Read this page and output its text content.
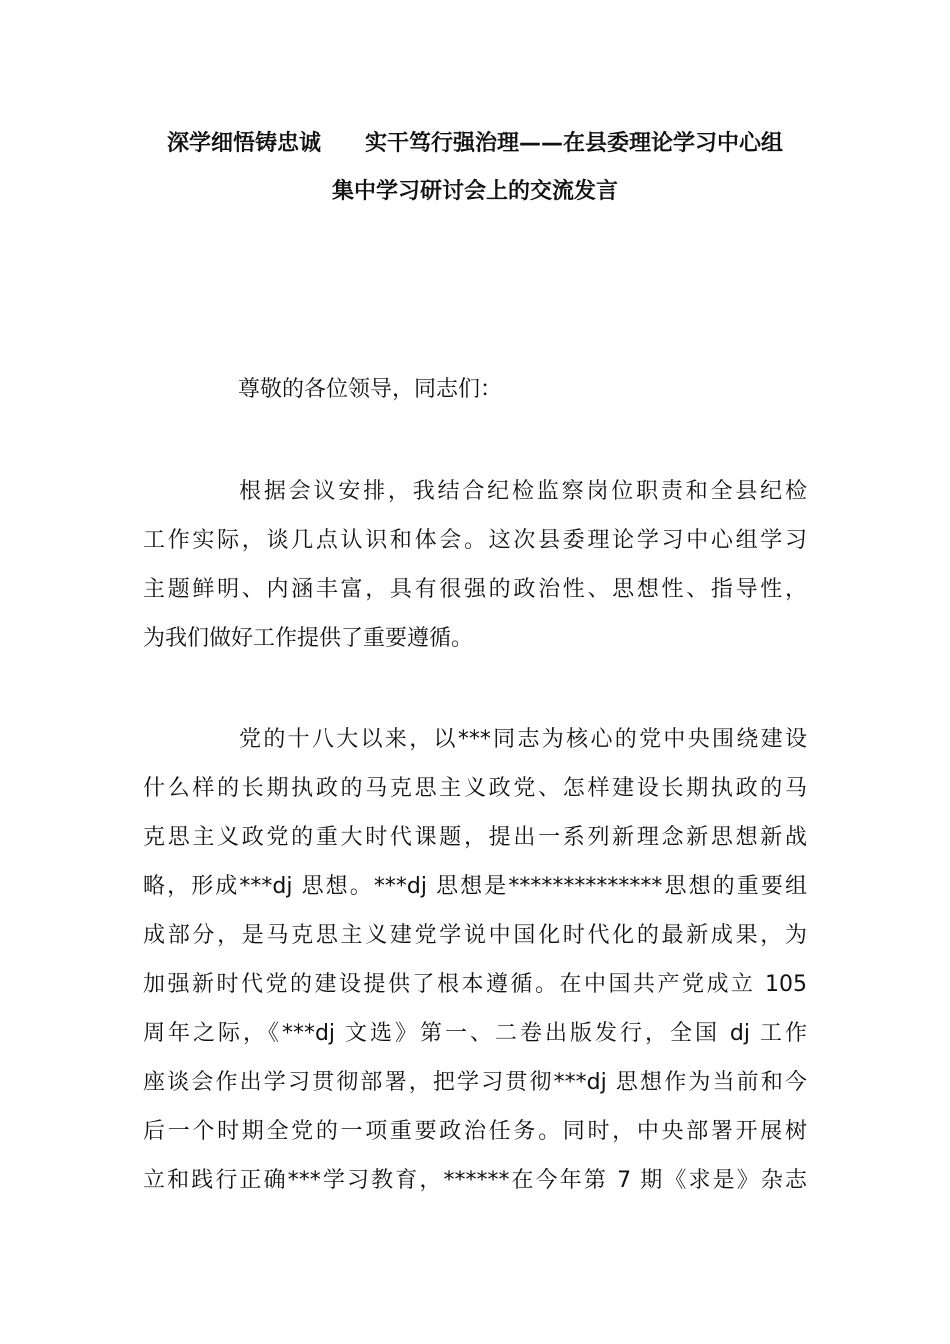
深学细悟铸忠诚　　实干笃行强治理——在县委理论学习中心组
集中学习研讨会上的交流发言
尊敬的各位领导，同志们：
根据会议安排，我结合纪检监察岗位职责和全县纪检
工作实际，谈几点认识和体会。这次县委理论学习中心组学习
主题鲜明、内涵丰富，具有很强的政治性、思想性、指导性，
为我们做好工作提供了重要遵循。
党的十八大以来，以***同志为核心的党中央围绕建设
什么样的长期执政的马克思主义政党、怎样建设长期执政的马
克思主义政党的重大时代课题，提出一系列新理念新思想新战
略，形成***dj 思想。***dj 思想是**************思想的重要组
成部分，是马克思主义建党学说中国化时代化的最新成果，为
加强新时代党的建设提供了根本遵循。在中国共产党成立 105
周年之际，《***dj 文选》第一、二卷出版发行，全国 dj 工作
座谈会作出学习贯彻部署，把学习贯彻***dj 思想作为当前和今
后一个时期全党的一项重要政治任务。同时，中央部署开展树
立和践行正确***学习教育，******在今年第 7 期《求是》杂志
